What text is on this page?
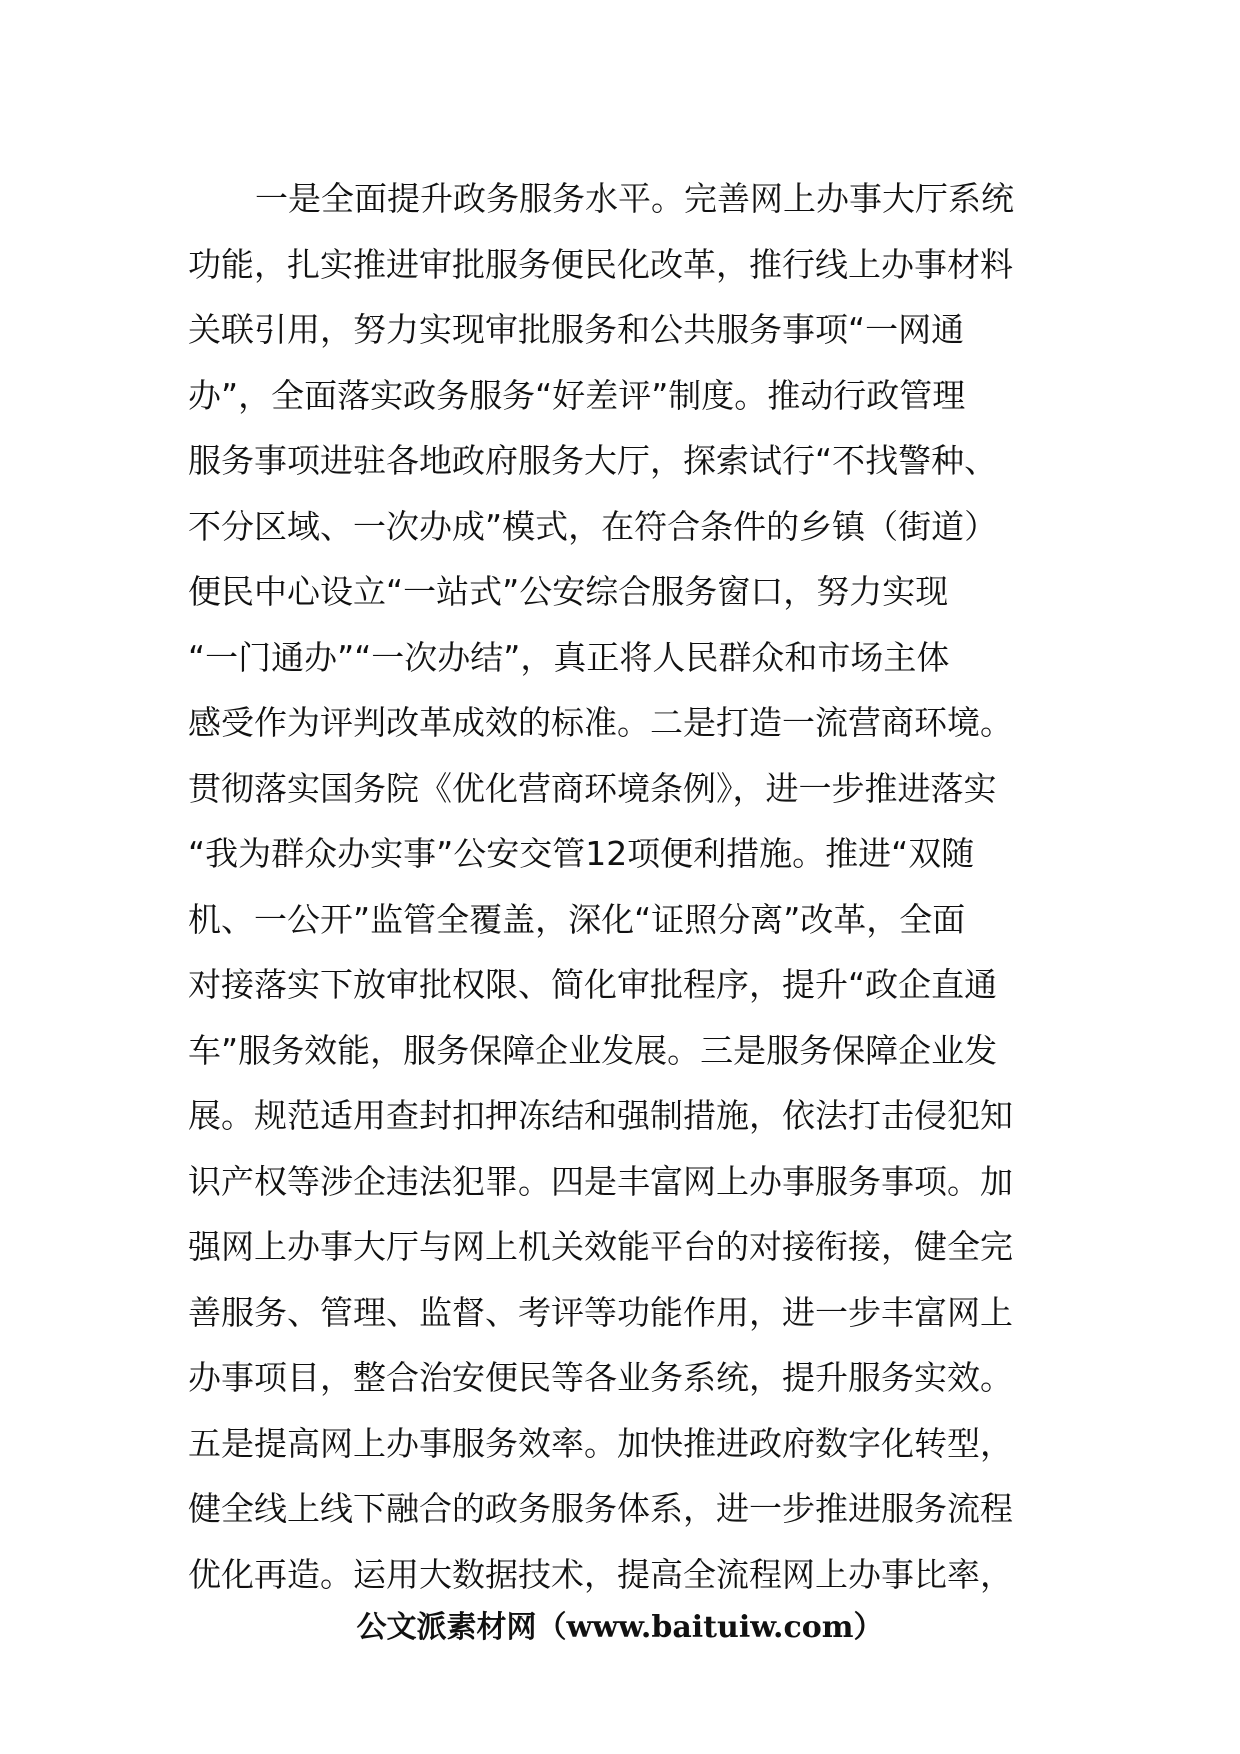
一是全面提升政务服务水平。完善网上办事大厅系统
功能，扎实推进审批服务便民化改革，推行线上办事材料
关联引用，努力实现审批服务和公共服务事项“一网通
办”，全面落实政务服务“好差评”制度。推动行政管理
服务事项进驻各地政府服务大厅，探索试行“不找警种、
不分区域、一次办成”模式，在符合条件的乡镇（街道）
便民中心设立“一站式”公安综合服务窗口，努力实现
“一门通办”“一次办结”，真正将人民群众和市场主体
感受作为评判改革成效的标准。二是打造一流营商环境。
贯彻落实国务院《优化营商环境条例》，进一步推进落实
“我为群众办实事”公安交管12项便利措施。推进“双随
机、一公开”监管全覆盖，深化“证照分离”改革，全面
对接落实下放审批权限、简化审批程序，提升“政企直通
车”服务效能，服务保障企业发展。三是服务保障企业发
展。规范适用查封扣押冻结和强制措施，依法打击侵犯知
识产权等涉企违法犯罪。四是丰富网上办事服务事项。加
强网上办事大厅与网上机关效能平台的对接衔接，健全完
善服务、管理、监督、考评等功能作用，进一步丰富网上
办事项目，整合治安便民等各业务系统，提升服务实效。
五是提高网上办事服务效率。加快推进政府数字化转型，
健全线上线下融合的政务服务体系，进一步推进服务流程
优化再造。运用大数据技术，提高全流程网上办事比率，
公文派素材网（www.baituiw.com）
